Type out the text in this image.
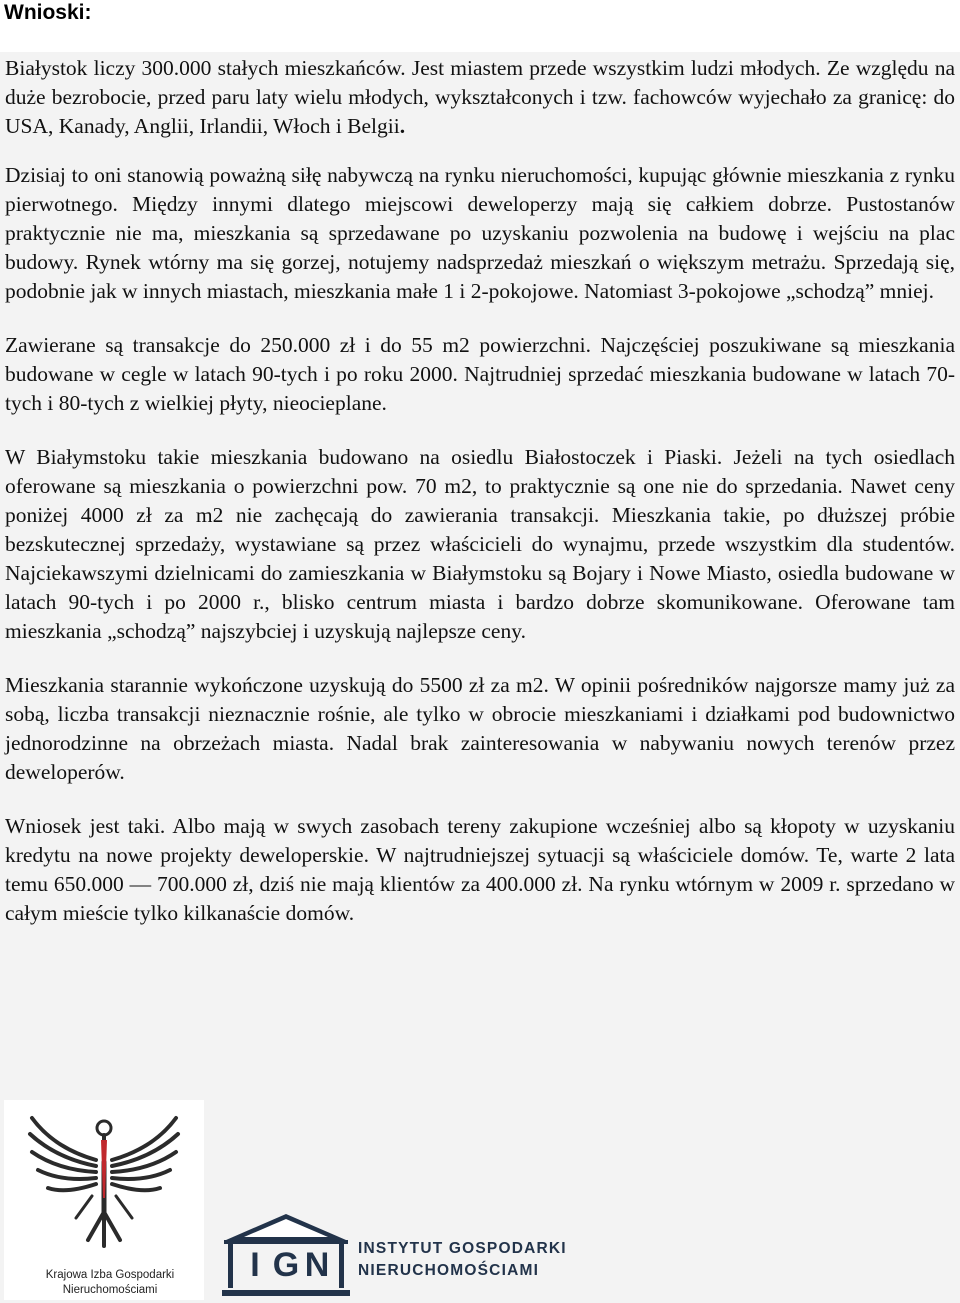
Wnioski:

Białystok liczy 300.000 stałych mieszkańców. Jest miastem przede wszystkim ludzi młodych. Ze względu na duże bezrobocie, przed paru laty wielu młodych, wykształconych i tzw. fachowców wyjechało za granicę: do USA, Kanady, Anglii, Irlandii, Włoch i Belgii.

Dzisiaj to oni stanowią poważną siłę nabywczą na rynku nieruchomości, kupując głównie mieszkania z rynku pierwotnego. Między innymi dlatego miejscowi deweloperzy mają się całkiem dobrze. Pustostanów praktycznie nie ma, mieszkania są sprzedawane po uzyskaniu pozwolenia na budowę i wejściu na plac budowy. Rynek wtórny ma się gorzej, notujemy nadsprzedaż mieszkań o większym metrażu. Sprzedają się, podobnie jak w innych miastach, mieszkania małe 1 i 2-pokojowe. Natomiast 3-pokojowe „schodzą” mniej.

Zawierane są transakcje do 250.000 zł i do 55 m2 powierzchni. Najczęściej poszukiwane są mieszkania budowane w cegle w latach 90-tych i po roku 2000. Najtrudniej sprzedać mieszkania budowane w latach 70-tych i 80-tych z wielkiej płyty, nieocieplane.

W Białymstoku takie mieszkania budowano na osiedlu Białostoczek i Piaski. Jeżeli na tych osiedlach oferowane są mieszkania o powierzchni pow. 70 m2, to praktycznie są one nie do sprzedania. Nawet ceny poniżej 4000 zł za m2 nie zachęcają do zawierania transakcji. Mieszkania takie, po dłuższej próbie bezskutecznej sprzedaży, wystawiane są przez właścicieli do wynajmu, przede wszystkim dla studentów. Najciekawszymi dzielnicami do zamieszkania w Białymstoku są Bojary i Nowe Miasto, osiedla budowane w latach 90-tych i po 2000 r., blisko centrum miasta i bardzo dobrze skomunikowane. Oferowane tam mieszkania „schodzą” najszybciej i uzyskują najlepsze ceny.

Mieszkania starannie wykończone uzyskują do 5500 zł za m2. W opinii pośredników najgorsze mamy już za sobą, liczba transakcji nieznacznie rośnie, ale tylko w obrocie mieszkaniami i działkami pod budownictwo jednorodzinne na obrzeżach miasta. Nadal brak zainteresowania w nabywaniu nowych terenów przez deweloperów.

Wniosek jest taki. Albo mają w swych zasobach tereny zakupione wcześniej albo są kłopoty w uzyskaniu kredytu na nowe projekty deweloperskie. W najtrudniejszej sytuacji są właściciele domów. Te, warte 2 lata temu 650.000 — 700.000 zł, dziś nie mają klientów za 400.000 zł. Na rynku wtórnym w 2009 r. sprzedano w całym mieście tylko kilkanaście domów.

Krajowa Izba Gospodarki
Nieruchomościami
I G N INSTYTUT GOSPODARKI
NIERUCHOMOŚCIAMI
